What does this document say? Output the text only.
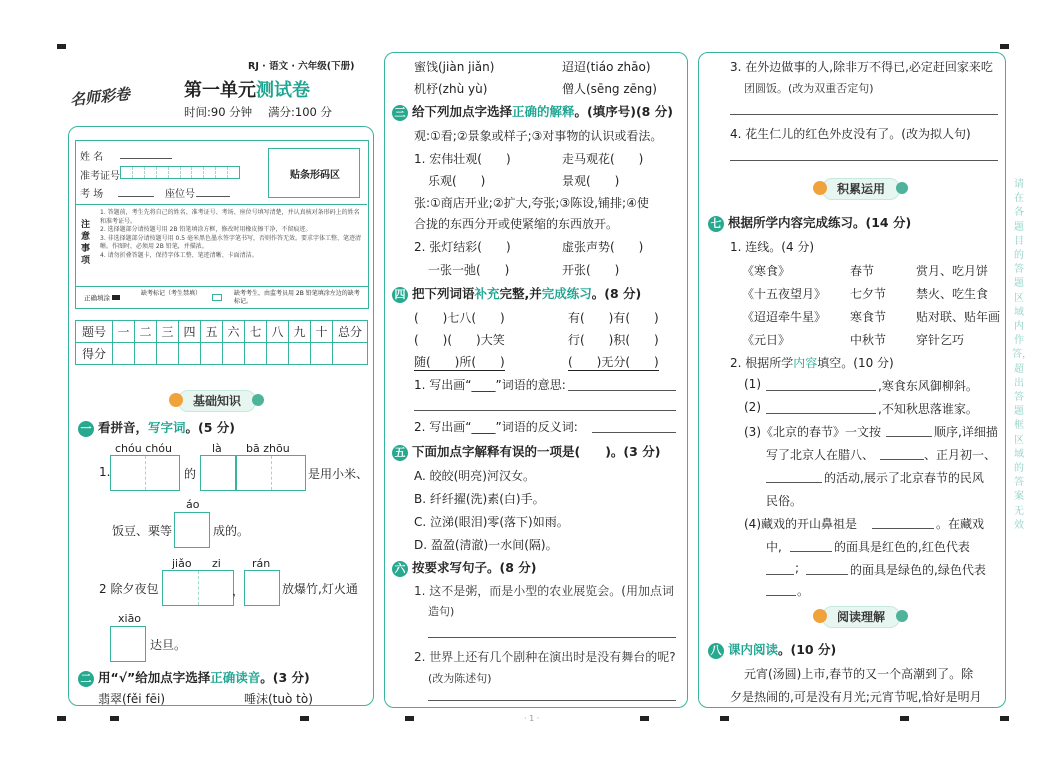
RJ · 语文 · 六年级(下册)
名师彩卷	第一单元测试卷
时间:90 分钟 满分:100 分
姓 名
准考证号
考 场	座位号
贴条形码区
注意事项
1. 答题前，考生先将自己的姓名、准考证号、考场、座位号填写清楚，并认真核对条形码上的姓名和准考证号。
2. 选择题部分请按题号用 2B 铅笔填涂方框，修改时用橡皮擦干净，不留痕迹。
3. 非选择题部分请按题号用 0.5 毫米黑色墨水签字笔书写，否则作答无效。要求字体工整、笔迹清晰。作图时，必须用 2B 铅笔，并描浓。
4. 请勿折叠答题卡，保持字体工整、笔迹清晰、卡面清洁。
正确填涂
缺考标记（考生禁填）	缺考考生，由监考员用 2B 铅笔填涂左边的缺考标记。
题号	一	二	三	四	五	六	七	八	九	十	总分
得分											
基础知识
一 看拼音，写字词。(5 分)
chóu chóu	là bā zhōu
1.	的	是用小米、
áo
饭豆、栗等	成的。
jiǎo zi	rán
2 除夕夜包	，	放爆竹,灯火通
xiāo
达旦。
二 用“√”给加点字选择正确读音。(3 分)
翡翠(fěi fēi)	唾沫(tuò tò)
蜜饯(jiàn jiǎn)	迢迢(tiáo zhāo)
机杼(zhù yù)	僧人(sēng zēng)
三 给下列加点字选择正确的解释。(填序号)(8 分)
观:①看;②景象或样子;③对事物的认识或看法。
1. 宏伟壮观(　　)	走马观花(　　)
乐观(　　)	景观(　　)
张:①商店开业;②扩大,夸张;③陈设,铺排;④使
合拢的东西分开或使紧缩的东西放开。
2. 张灯结彩(　　)	虚张声势(　　)
一张一弛(　　)	开张(　　)
四 把下列词语补充完整,并完成练习。(8 分)
(　　)七八(　　)	有(　　)有(　　)
(　　)(　　)大笑	行(　　)积(　　)
随(　　)所(　　)	(　　)无分(　　)
1. 写出画“____”词语的意思:
2. 写出画“____”词语的反义词:
五 下面加点字解释有误的一项是(　　)。(3 分)
A. 皎皎(明亮)河汉女。
B. 纤纤擢(洗)素(白)手。
C. 泣涕(眼泪)零(落下)如雨。
D. 盈盈(清澈)一水间(隔)。
六 按要求写句子。(8 分)
1. 这不是粥，而是小型的农业展览会。(用加点词
造句)
2. 世界上还有几个剧种在演出时是没有舞台的呢?
(改为陈述句)
· 1 ·
3. 在外边做事的人,除非万不得已,必定赶回家来吃
团圆饭。(改为双重否定句)
4. 花生仁儿的红色外皮没有了。(改为拟人句)
积累运用
七 根据所学内容完成练习。(14 分)
1. 连线。(4 分)
《寒食》	春节	赏月、吃月饼
《十五夜望月》 七夕节 禁火、吃生食
《迢迢牵牛星》 寒食节 贴对联、贴年画
《元日》	中秋节 穿针乞巧
2. 根据所学内容填空。(10 分)
(1)	,寒食东风御柳斜。
(2)	,不知秋思落谁家。
(3)《北京的春节》一文按	顺序,详细描
写了北京人在腊八、	、正月初一、
的活动,展示了北京春节的民风
民俗。
(4)藏戏的开山鼻祖是	。在藏戏
中,	的面具是红色的,红色代表
;	的面具是绿色的,绿色代表
。
阅读理解
八 课内阅读。(10 分)
元宵(汤圆)上市,春节的又一个高潮到了。除
夕是热闹的,可是没有月光;元宵节呢,恰好是明月
请在各题目的答题区域内作答，超出答题框区域的答案无效
